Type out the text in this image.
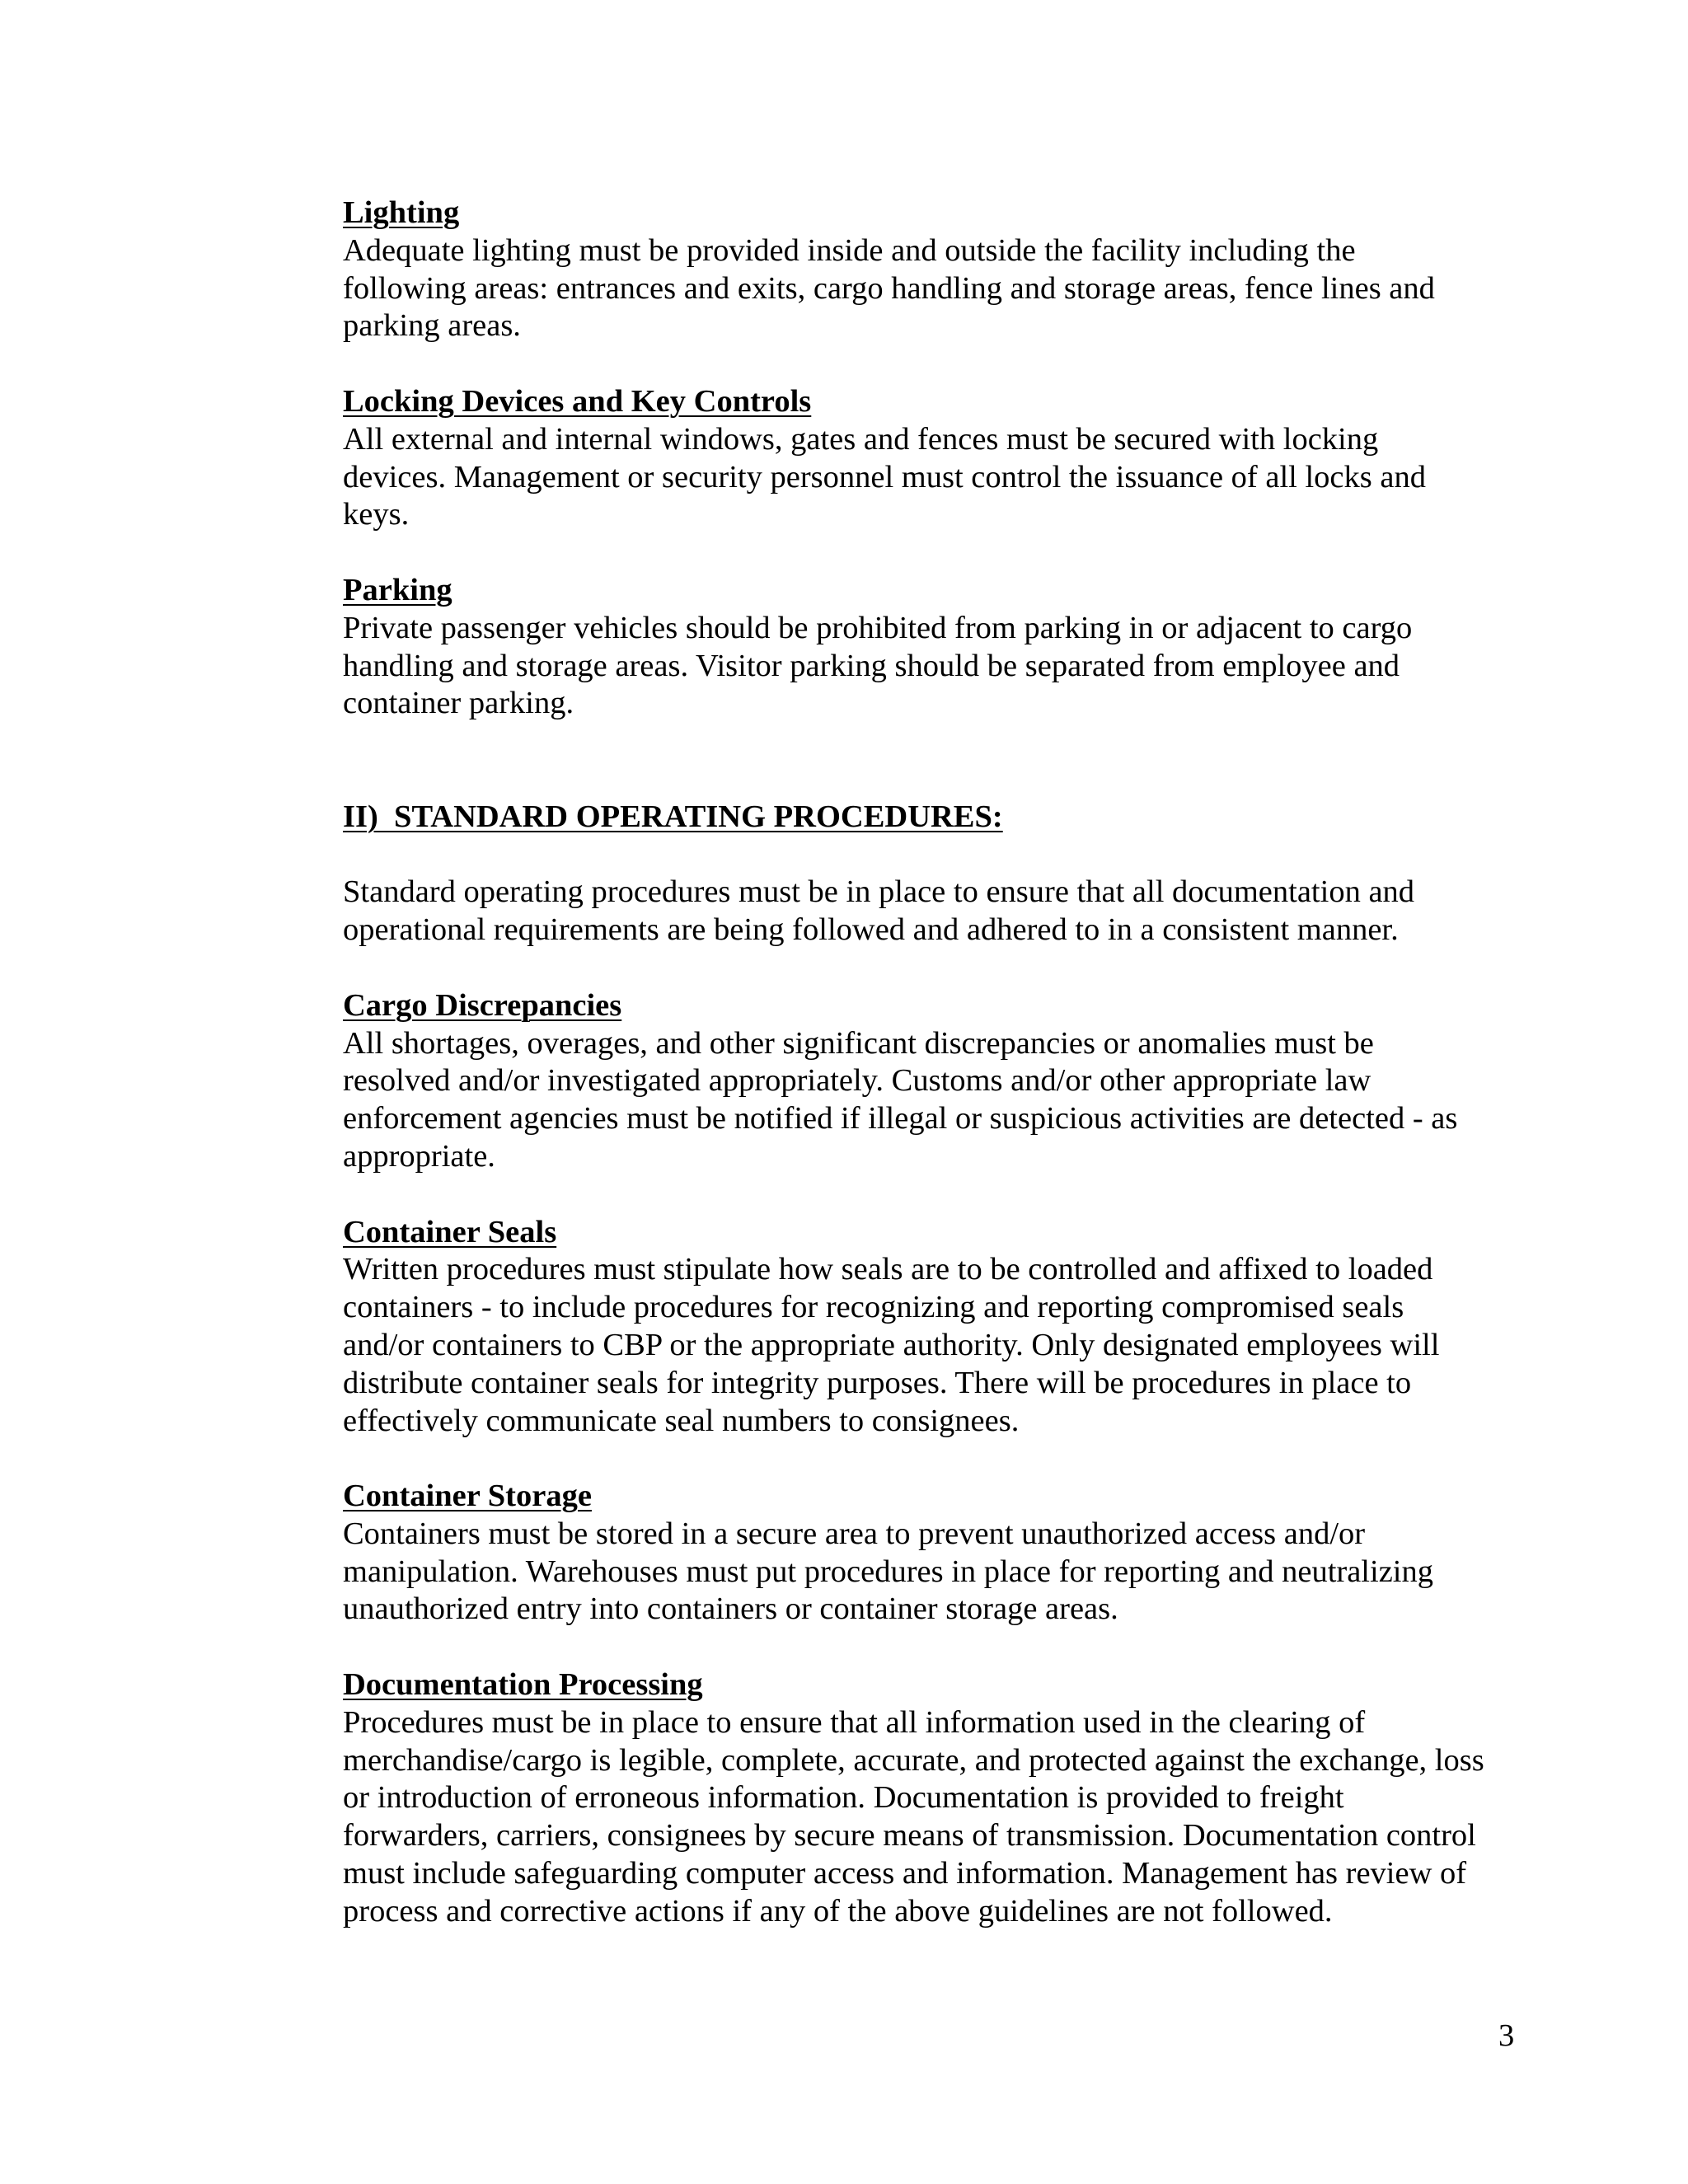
Lighting
Adequate lighting must be provided inside and outside the facility including the
following areas: entrances and exits, cargo handling and storage areas, fence lines and
parking areas.
Locking Devices and Key Controls
All external and internal windows, gates and fences must be secured with locking
devices. Management or security personnel must control the issuance of all locks and
keys.
Parking
Private passenger vehicles should be prohibited from parking in or adjacent to cargo
handling and storage areas. Visitor parking should be separated from employee and
container parking.
II)  STANDARD OPERATING PROCEDURES:
Standard operating procedures must be in place to ensure that all documentation and
operational requirements are being followed and adhered to in a consistent manner.
Cargo Discrepancies
All shortages, overages, and other significant discrepancies or anomalies must be
resolved and/or investigated appropriately. Customs and/or other appropriate law
enforcement agencies must be notified if illegal or suspicious activities are detected - as
appropriate.
Container Seals
Written procedures must stipulate how seals are to be controlled and affixed to loaded
containers - to include procedures for recognizing and reporting compromised seals
and/or containers to CBP or the appropriate authority. Only designated employees will
distribute container seals for integrity purposes. There will be procedures in place to
effectively communicate seal numbers to consignees.
Container Storage
Containers must be stored in a secure area to prevent unauthorized access and/or
manipulation. Warehouses must put procedures in place for reporting and neutralizing
unauthorized entry into containers or container storage areas.
Documentation Processing
Procedures must be in place to ensure that all information used in the clearing of
merchandise/cargo is legible, complete, accurate, and protected against the exchange, loss
or introduction of erroneous information. Documentation is provided to freight
forwarders, carriers, consignees by secure means of transmission. Documentation control
must include safeguarding computer access and information. Management has review of
process and corrective actions if any of the above guidelines are not followed.
3
